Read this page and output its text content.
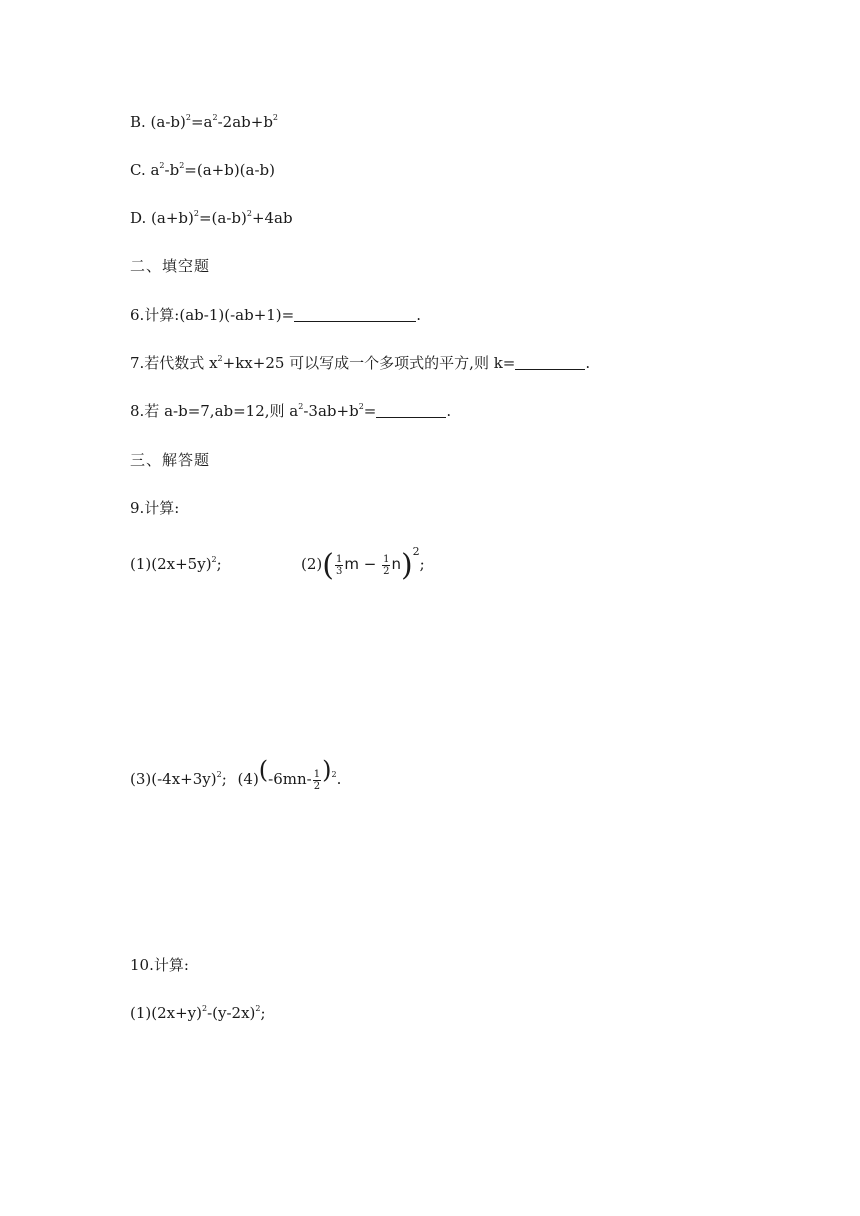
B. $(a-b)^2=a^2-2ab+b^2$
C. $a^2-b^2=(a+b)(a-b)$
D. $(a+b)^2=(a-b)^2+4ab$
二、填空题
6.计算:(ab-1)(-ab+1)=	.
7.若代数式 $x^2+kx+25$ 可以写成一个多项式的平方,则 k=	.
8.若 a-b=7,ab=12,则 $a^2-3ab+b^2=$	.
三、解答题
9.计算:
$(1)(2x+5y)^2$;	$(2)( \frac{1}{3}$ $m - \frac{1}{2} n)^2$;
$(3)(-4x+3y)^2$; $(4)(-6mn- \frac{1}{2} )^2$.
10.计算:
$(1)(2x+y)^2-(y-2x)^2$;
